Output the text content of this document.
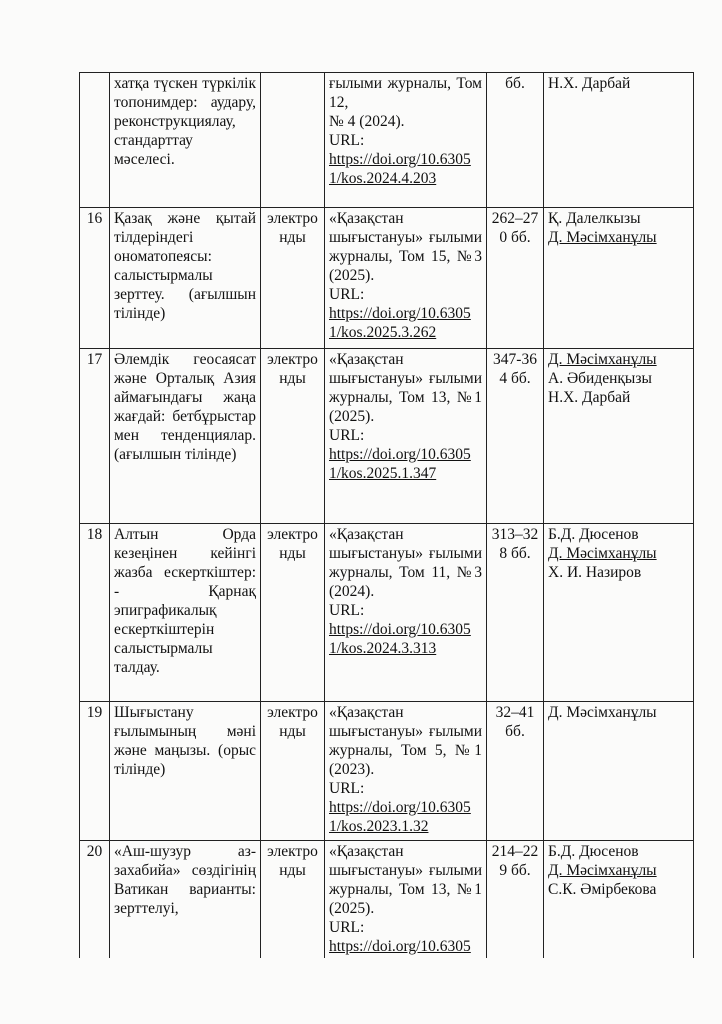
	хатқа түскен түркілік топонимдер: аудару, реконструкциялау, стандарттау мәселесі.		ғылыми журналы, Том 12,
№ 4 (2024).
URL:
https://doi.org/10.63051/kos.2024.4.203	бб.	Н.Х. Дарбай

16	Қазақ және қытай тілдеріндегі ономатопеясы: салыстырмалы зерттеу. (ағылшын тілінде)	электронды	«Қазақстан шығыстануы» ғылыми журналы, Том 15, №3 (2025).
URL:
https://doi.org/10.63051/kos.2025.3.262	262–270 бб.	Қ. Далелкызы
Д. Мәсімханұлы

17	Әлемдік геосаясат және Орталық Азия аймағындағы жаңа жағдай: бетбұрыстар мен тенденциялар. (ағылшын тілінде)	электронды	«Қазақстан шығыстануы» ғылыми журналы, Том 13, №1 (2025).
URL:
https://doi.org/10.63051/kos.2025.1.347	347-364 бб.	Д. Мәсімханұлы
А. Әбиденқызы
Н.Х. Дарбай

18	Алтын Орда кезеңінен кейінгі жазба ескерткіштер: - Қарнақ эпиграфикалық ескерткіштерін салыстырмалы талдау.	электронды	«Қазақстан шығыстануы» ғылыми журналы, Том 11, №3 (2024).
URL:
https://doi.org/10.63051/kos.2024.3.313	313–328 бб.	Б.Д. Дюсенов
Д. Мәсімханұлы
Х. И. Назиров

19	Шығыстану ғылымының мәні және маңызы. (орыс тілінде)	электронды	«Қазақстан шығыстануы» ғылыми журналы, Том 5, №1 (2023).
URL:
https://doi.org/10.63051/kos.2023.1.32	32–41 бб.	Д. Мәсімханұлы

20	«Аш-шузур аз-захабийа» сөздігінің Ватикан варианты: зерттелуі,	электронды	«Қазақстан шығыстануы» ғылыми журналы, Том 13, №1 (2025).
URL:
https://doi.org/10.6305	214–229 бб.	Б.Д. Дюсенов
Д. Мәсімханұлы
С.К. Әмірбекова
